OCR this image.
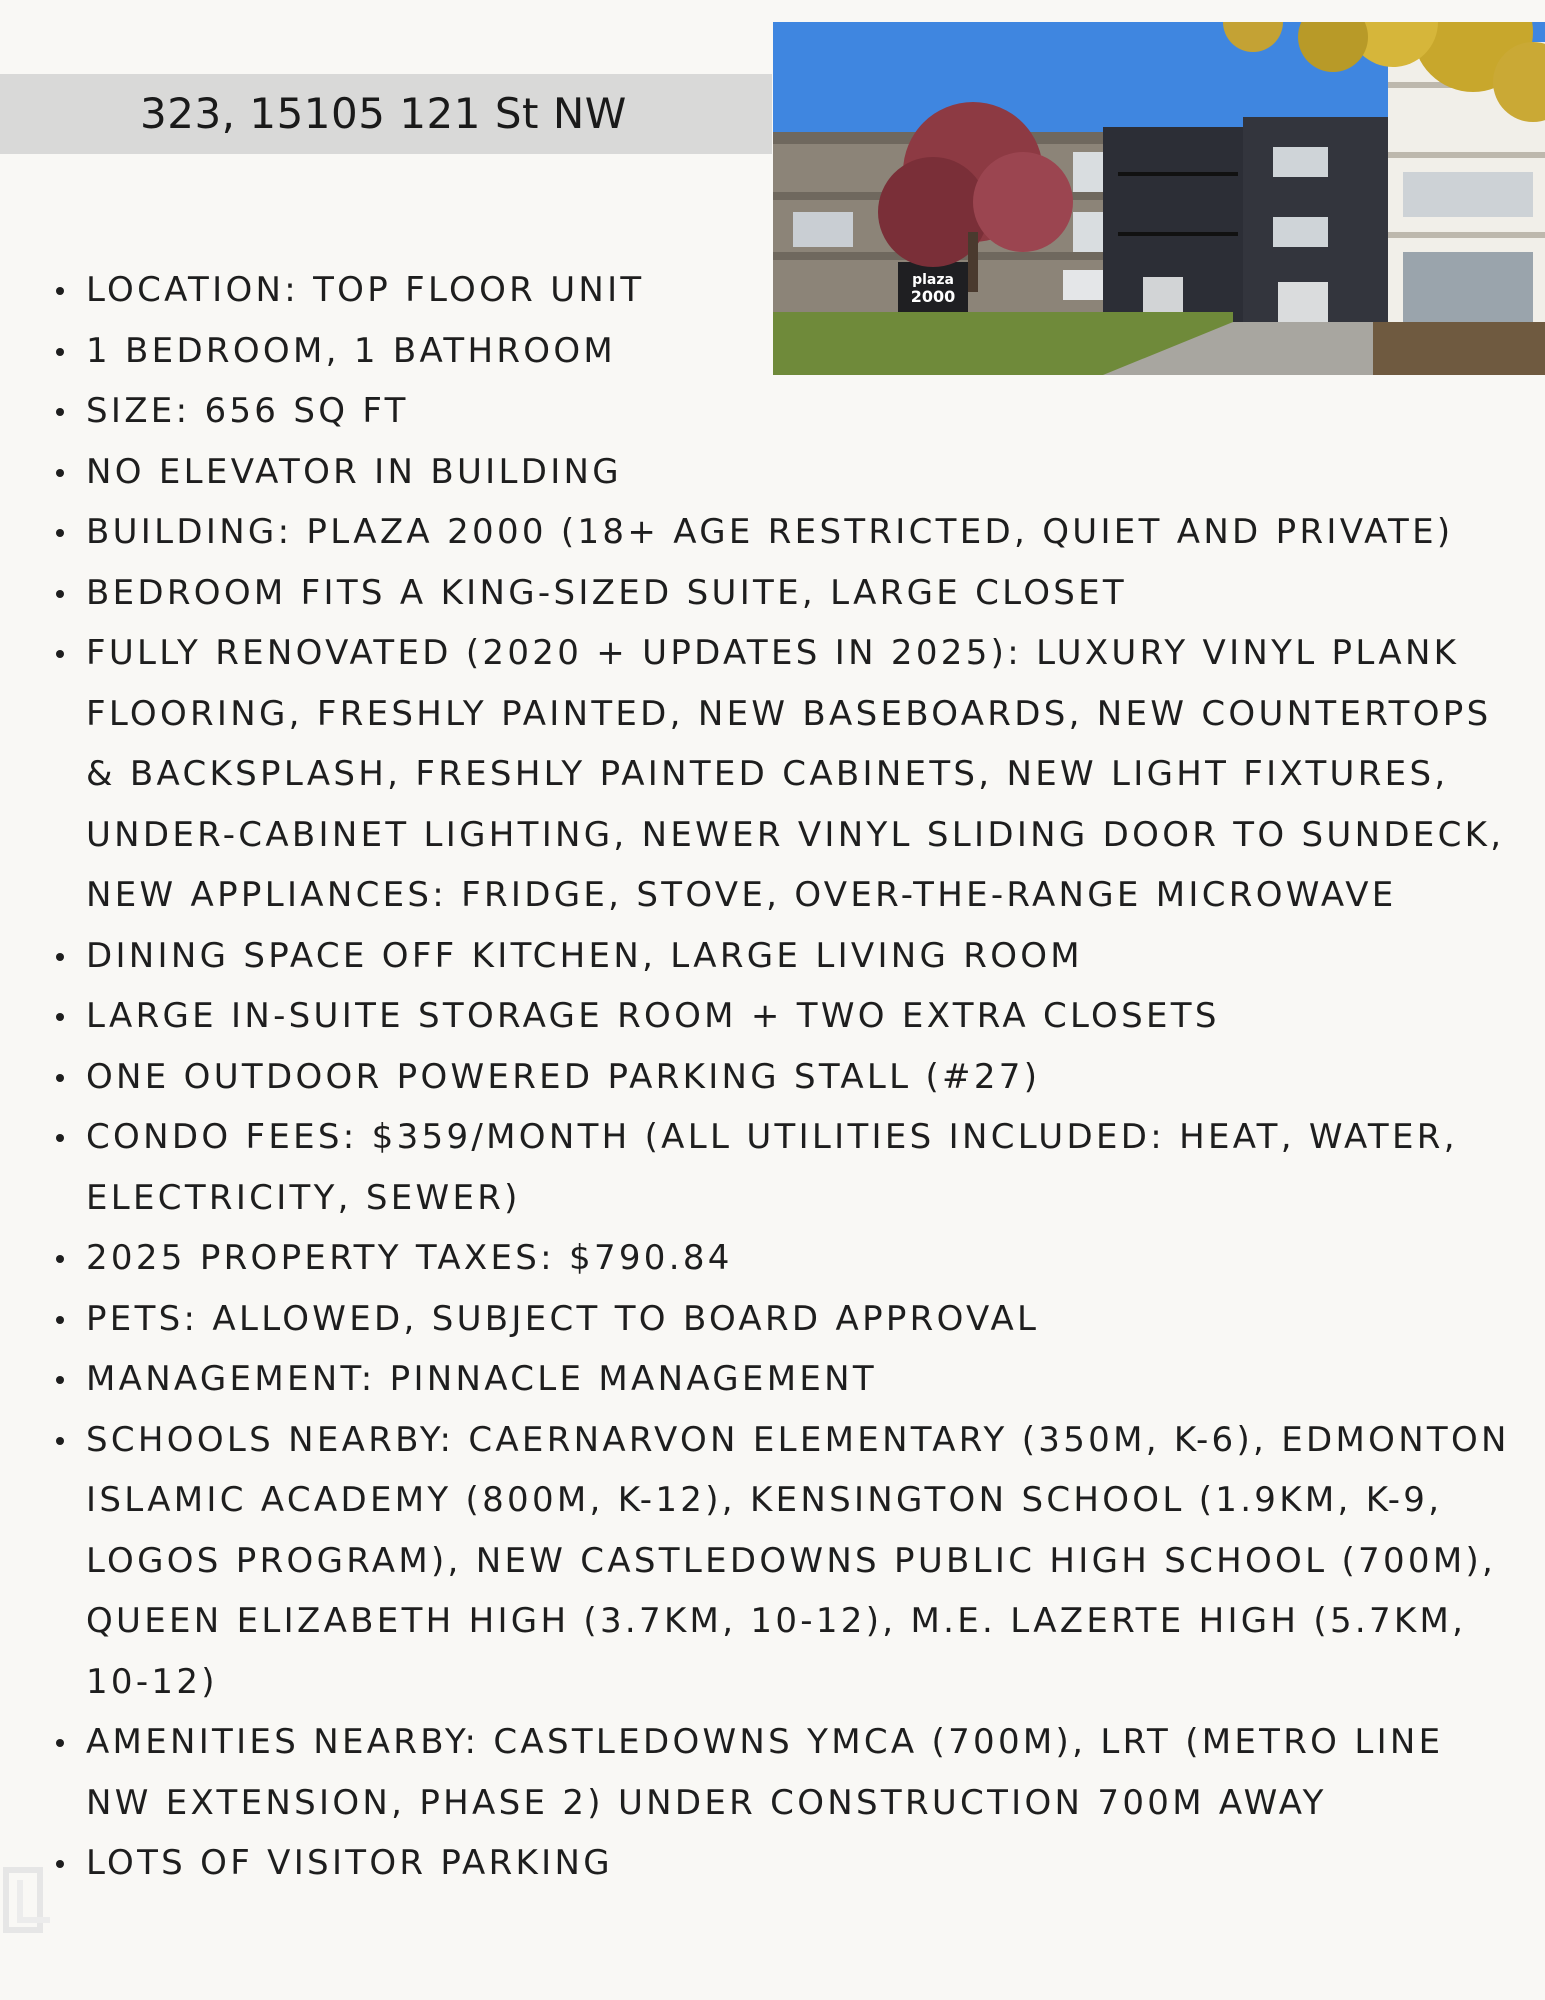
323, 15105 121 St NW
plaza
2000
LOCATION: TOP FLOOR UNIT
1 BEDROOM, 1 BATHROOM
SIZE: 656 SQ FT
NO ELEVATOR IN BUILDING
BUILDING: PLAZA 2000 (18+ AGE RESTRICTED, QUIET AND PRIVATE)
BEDROOM FITS A KING-SIZED SUITE, LARGE CLOSET
FULLY RENOVATED (2020 + UPDATES IN 2025): LUXURY VINYL PLANK FLOORING, FRESHLY PAINTED, NEW BASEBOARDS, NEW COUNTERTOPS & BACKSPLASH, FRESHLY PAINTED CABINETS, NEW LIGHT FIXTURES, UNDER-CABINET LIGHTING, NEWER VINYL SLIDING DOOR TO SUNDECK, NEW APPLIANCES: FRIDGE, STOVE, OVER-THE-RANGE MICROWAVE
DINING SPACE OFF KITCHEN, LARGE LIVING ROOM
LARGE IN-SUITE STORAGE ROOM + TWO EXTRA CLOSETS
ONE OUTDOOR POWERED PARKING STALL (#27)
CONDO FEES: $359/MONTH (ALL UTILITIES INCLUDED: HEAT, WATER, ELECTRICITY, SEWER)
2025 PROPERTY TAXES: $790.84
PETS: ALLOWED, SUBJECT TO BOARD APPROVAL
MANAGEMENT: PINNACLE MANAGEMENT
SCHOOLS NEARBY: CAERNARVON ELEMENTARY (350M, K-6), EDMONTON ISLAMIC ACADEMY (800M, K-12), KENSINGTON SCHOOL (1.9KM, K-9, LOGOS PROGRAM), NEW CASTLEDOWNS PUBLIC HIGH SCHOOL (700M), QUEEN ELIZABETH HIGH (3.7KM, 10-12), M.E. LAZERTE HIGH (5.7KM, 10-12)
AMENITIES NEARBY: CASTLEDOWNS YMCA (700M), LRT (METRO LINE NW EXTENSION, PHASE 2) UNDER CONSTRUCTION 700M AWAY
LOTS OF VISITOR PARKING
